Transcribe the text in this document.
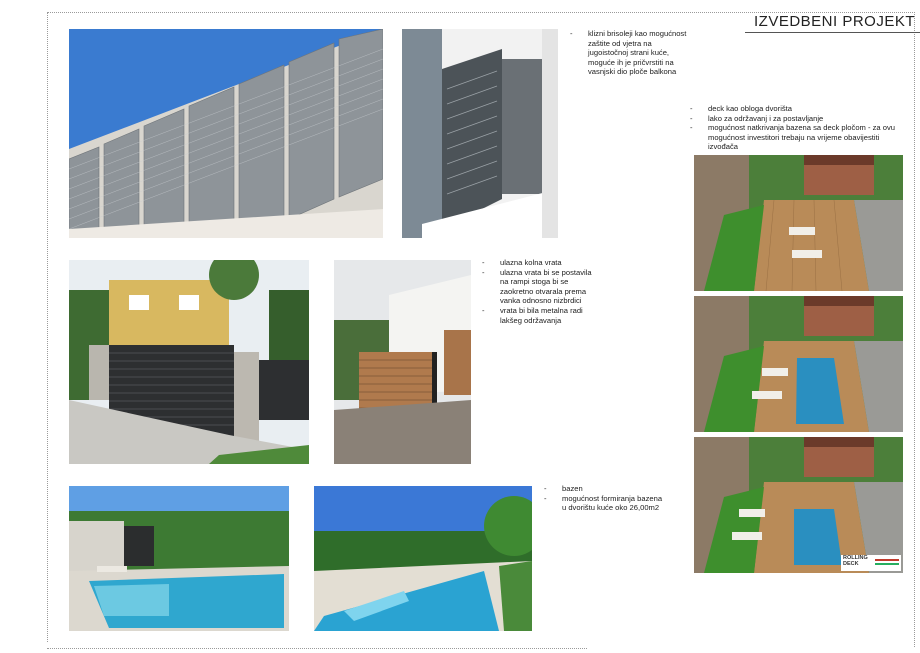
IZVEDBENI PROJEKT
- klizni brisoleji kao mogućnost zaštite od vjetra na jugoistočnoj strani kuće, moguće ih je pričvrstiti na vasnjski dio ploče balkona
- deck kao obloga dvorišta
- lako za održavanj i za postavljanje
- mogućnost natkrivanja bazena sa deck pločom - za ovu mogućnost investitori trebaju na vrijeme obavijestiti izvođača
- ulazna kolna vrata
- ulazna vrata bi se postavila na rampi stoga bi se zaokretno otvarala prema vanka odnosno nizbrdici
- vrata bi bila metalna radi lakšeg održavanja
- bazen
- mogućnost formiranja bazena u dvorištu kuće oko 26,00m2
ROLLING
DECK
